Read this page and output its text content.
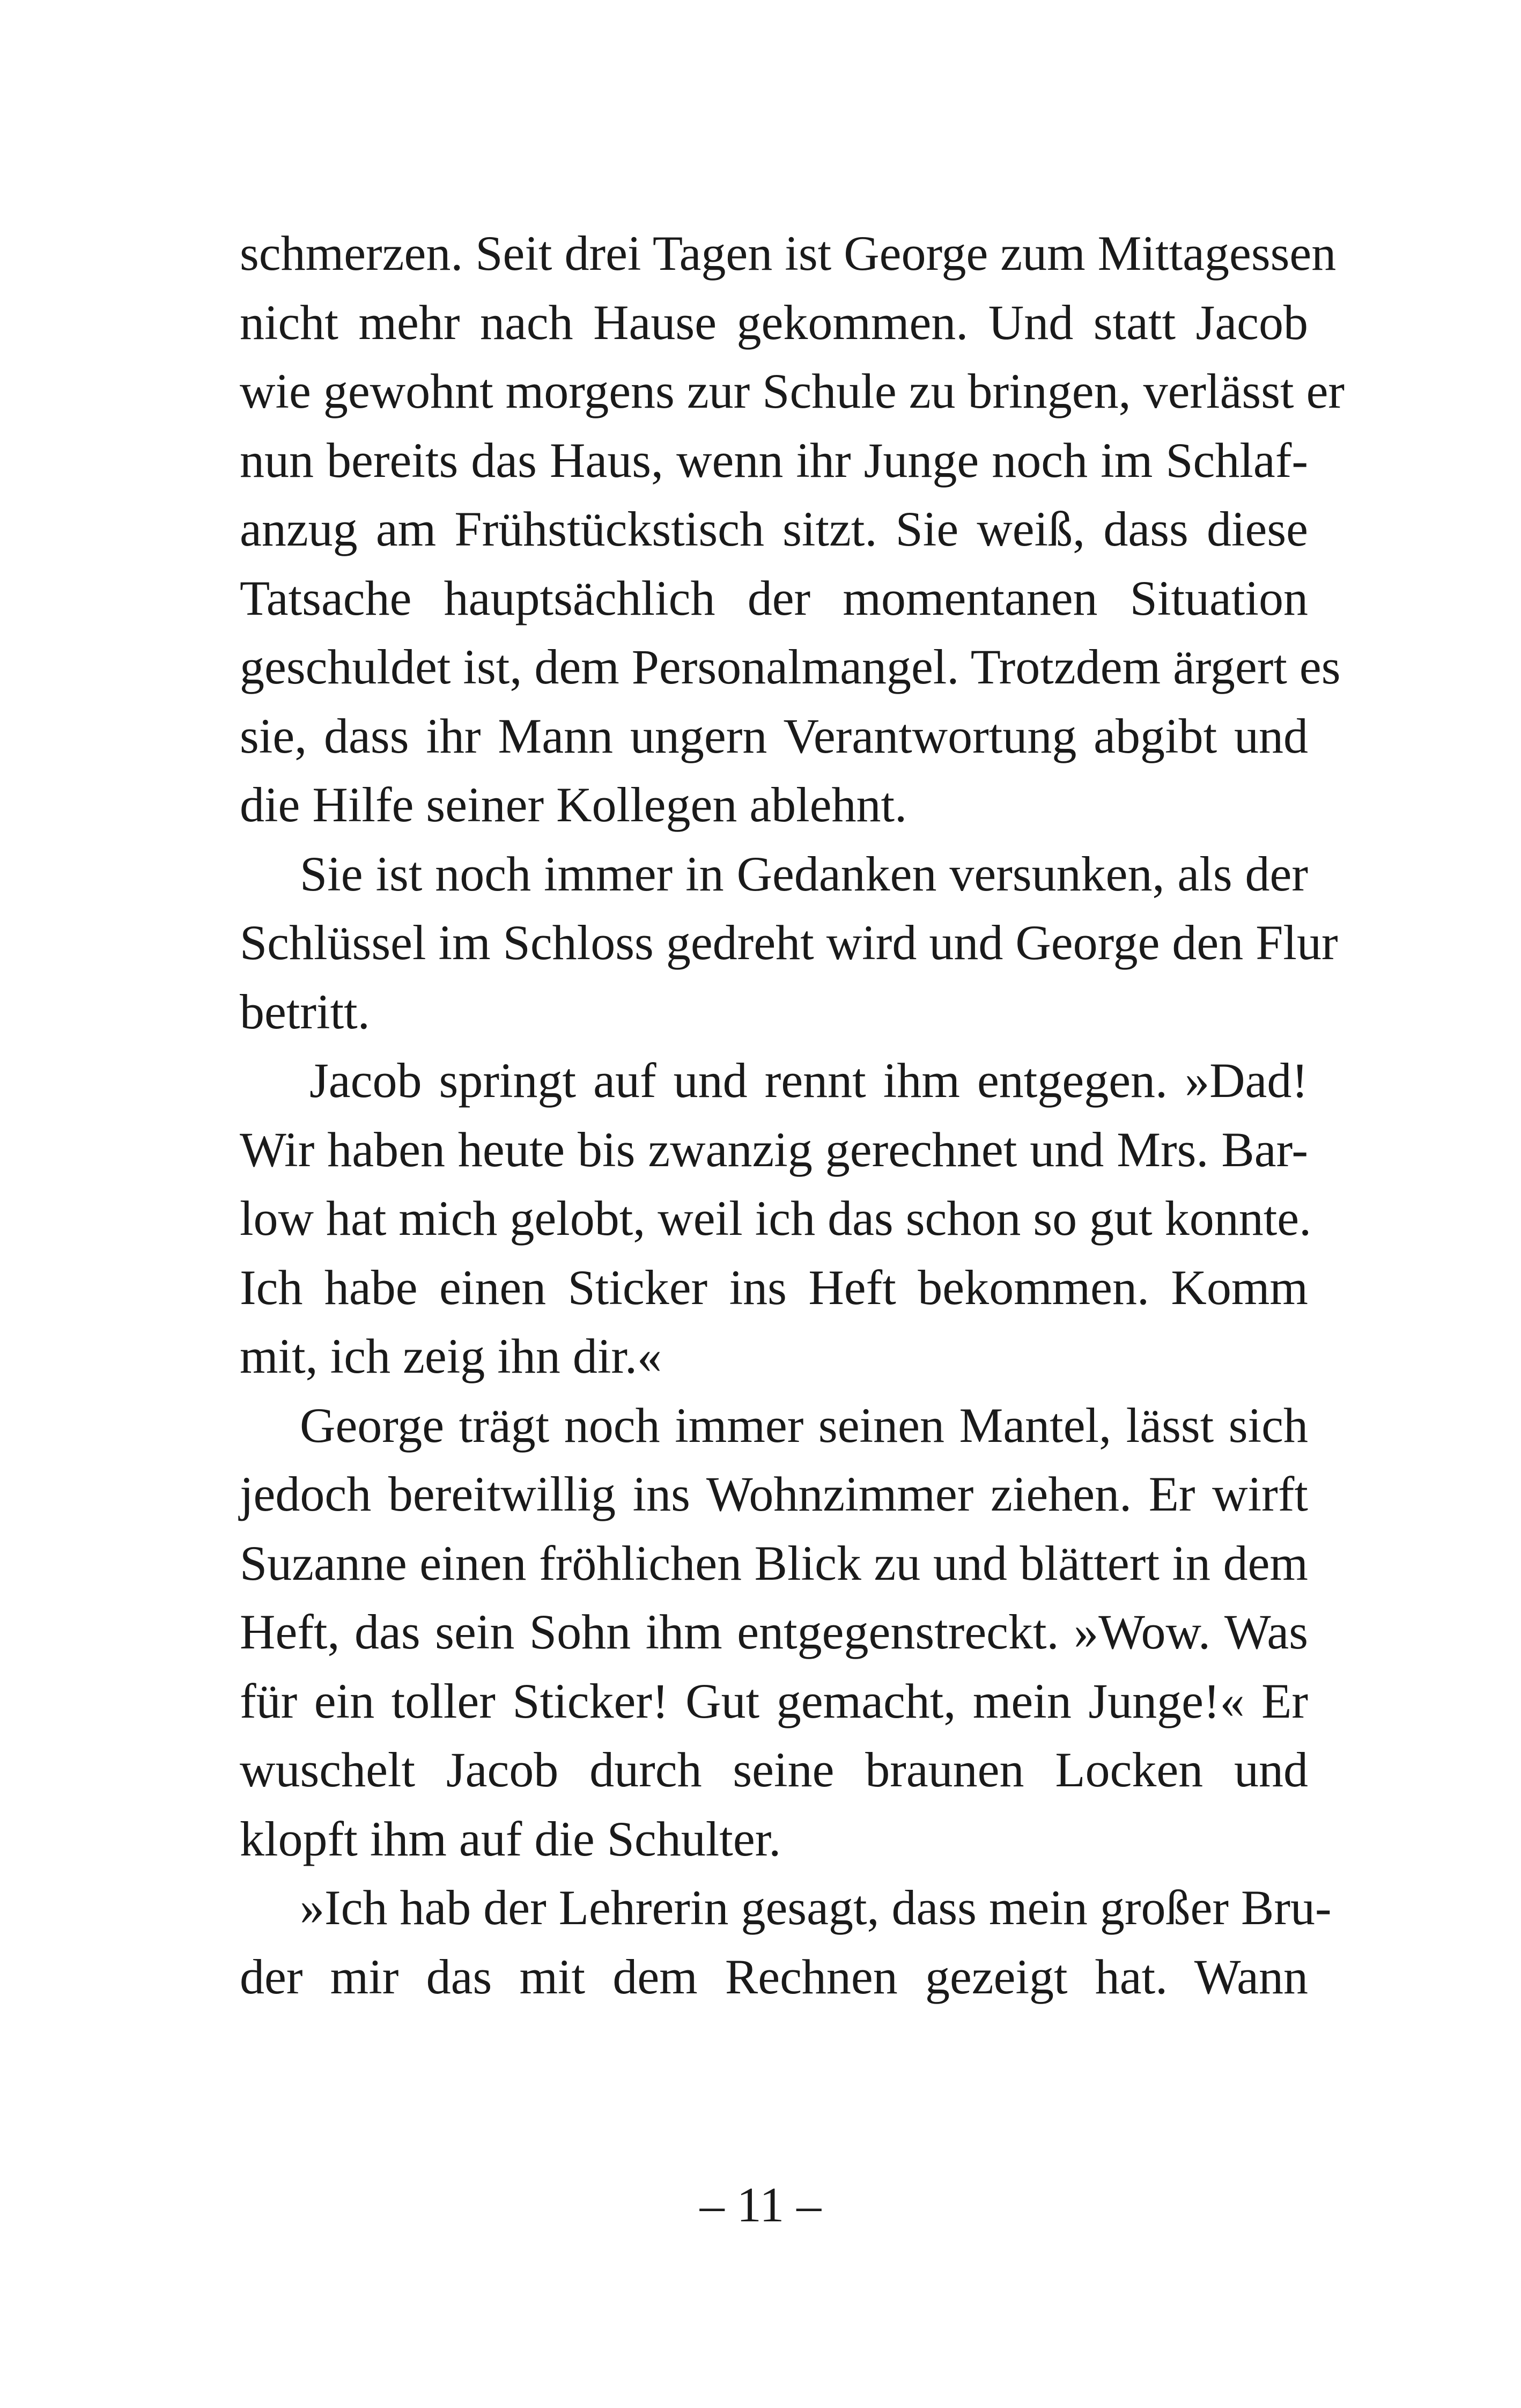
schmerzen. Seit drei Tagen ist George zum Mittagessen
nicht mehr nach Hause gekommen. Und statt Jacob
wie gewohnt morgens zur Schule zu bringen, verlässt er
nun bereits das Haus, wenn ihr Junge noch im Schlaf-
anzug am Frühstückstisch sitzt. Sie weiß, dass diese
Tatsache hauptsächlich der momentanen Situation
geschuldet ist, dem Personalmangel. Trotzdem ärgert es
sie, dass ihr Mann ungern Verantwortung abgibt und
die Hilfe seiner Kollegen ablehnt.
Sie ist noch immer in Gedanken versunken, als der
Schlüssel im Schloss gedreht wird und George den Flur
betritt.
Jacob springt auf und rennt ihm entgegen. »Dad!
Wir haben heute bis zwanzig gerechnet und Mrs. Bar-
low hat mich gelobt, weil ich das schon so gut konnte.
Ich habe einen Sticker ins Heft bekommen. Komm
mit, ich zeig ihn dir.«
George trägt noch immer seinen Mantel, lässt sich
jedoch bereitwillig ins Wohnzimmer ziehen. Er wirft
Suzanne einen fröhlichen Blick zu und blättert in dem
Heft, das sein Sohn ihm entgegenstreckt. »Wow. Was
für ein toller Sticker! Gut gemacht, mein Junge!« Er
wuschelt Jacob durch seine braunen Locken und
klopft ihm auf die Schulter.
»Ich hab der Lehrerin gesagt, dass mein großer Bru-
der mir das mit dem Rechnen gezeigt hat. Wann
– 11 –
